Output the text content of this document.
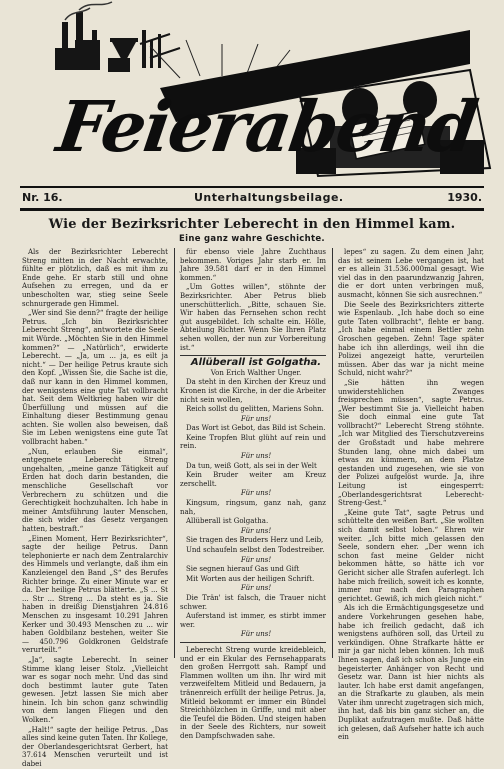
Feierabend
Nr. 16.	Unterhaltungsbeilage.	1930.
Wie der Bezirksrichter Leberecht in den Himmel kam.
Eine ganz wahre Geschichte.

Als der Bezirksrichter Leberecht Streng mitten in der Nacht erwachte, fühlte er plötzlich, daß es mit ihm zu Ende gehe. Er starb still und ohne Aufsehen zu erregen, und da er unbescholten war, stieg seine Seele schnurgerade gen Himmel.

„Wer sind Sie denn?“ fragte der heilige Petrus. „Ich bin Bezirksrichter Leberecht Streng“, antwortete die Seele mit Würde. „Möchten Sie in den Himmel kommen?“ — „Natürlich“, erwiderte Leberecht. — „Ja, um ... ja, es eilt ja nicht.“ — Der heilige Petrus kraute sich den Kopf. „Wissen Sie, die Sache ist die, daß nur kann in den Himmel kommen, der wenigstens eine gute Tat vollbracht hat. Seit dem Weltkrieg haben wir die Überfüllung und müssen auf die Einhaltung dieser Bestimmung genau achten. Sie wollen also beweisen, daß Sie im Leben wenigstens eine gute Tat vollbracht haben.“

„Nun, erlauben Sie einmal“, entgegnete Leberecht Streng ungehalten, „meine ganze Tätigkeit auf Erden hat doch darin bestanden, die menschliche Gesellschaft vor Verbrechern zu schützen und die Gerechtigkeit hochzuhalten. Ich habe in meiner Amtsführung lauter Menschen, die sich wider das Gesetz vergangen hatten, bestraft.“

„Einen Moment, Herr Bezirksrichter“, sagte der heilige Petrus. Dann telephonierte er nach dem Zentralarchiv des Himmels und verlangte, daß ihm ein Kanzleiengel den Band „S“ des Berufes Richter bringe. Zu einer Minute war er da. Der heilige Petrus blätterte. „S ... St ... Str ... Streng ... Da steht es ja. Sie haben in dreißig Dienstjahren 24.816 Menschen zu insgesamt 10.291 Jahren Kerker und 30.493 Menschen zu ... wir haben Goldbilanz bestehen, weiter Sie — 450.796 Goldkronen Geldstrafe verurteilt.“

„Ja“, sagte Leberecht. In seiner Stimme klang leiser Stolz. „Vielleicht war es sogar noch mehr. Und das sind doch bestimmt lauter gute Taten gewesen. Jetzt lassen Sie mich aber hinein. Ich bin schon ganz schwindlig von dem langen Fliegen und den Wolken.“

„Halt!“ sagte der heilige Petrus. „Das alles sind keine guten Taten. Ihr Kollege, der Oberlandesgerichtsrat Gerbert, hat 37.614 Menschen verurteilt und ist dabei

für ebenso viele Jahre Zuchthaus bekommen. Voriges Jahr starb er. Im Jahre 39.581 darf er in den Himmel kommen.“

„Um Gottes willen“, stöhnte der Bezirksrichter. Aber Petrus blieb unerschütterlich. „Bitte, schauen Sie. Wir haben das Fernsehen schon recht gut ausgebildet. Ich schalte ein. Hölle, Abteilung Richter. Wenn Sie Ihren Platz sehen wollen, der nun zur Vorbereitung ist.“

Allüberall ist Golgatha.

Von Erich Walther Unger.

Da steht in den Kirchen der Kreuz und Kronen ist die Kirche, in der die Arbeiter nicht sein wollen,

Reich sollst du gelitten, Mariens Sohn.

Für uns!

Das Wort ist Gebot, das Bild ist Schein.

Keine Tropfen Blut glüht auf rein und rein.

Für uns!

Da tun, weiß Gott, als sei in der Welt

Kein Bruder weiter am Kreuz zerschellt.

Für uns!

Kingsum, ringsum, ganz nah, ganz nah,

Allüberall ist Golgatha.

Für uns!

Sie tragen des Bruders Herz und Leib,

Und schaufeln selbst den Todestreiber.

Für uns!

Sie segnen hierauf Gas und Gift

Mit Worten aus der heiligen Schrift.

Für uns!

Die Trän' ist falsch, die Trauer nicht schwer.

Auferstand ist immer, es stirbt immer wer.

Für uns!

Leberecht Streng wurde kreidebleich, und er ein Ekular des Fernsehapparats den großen Herrgott sah. Rampf und Flammen wollten um ihn. Ihr wird mit verzweifeltem Mitleid und Bedauern, ja tränenreich erfüllt der heilige Petrus. Ja, Mitleid bekommt er immer ein Bündel Streichhölzchen in Griffe, und mit aber die Teufel die Böden. Und steigen haben in der Seele des Richters, nur soweit den Dampfschwaden sahe.

lepes“ zu sagen. Zu dem einen Jahr, das ist seinem Lebe vergangen ist, hat er es allein 31.536.000mal gesagt. Wie viel das in den paarundzwanzig Jahren, die er dort unten verbringen muß, ausmacht, können Sie sich ausrechnen.“

Die Seele des Bezirksrichters zitterte wie Espenlaub. „Ich habe doch so eine gute Taten vollbracht“, flehte er bang. „Ich habe einmal einem Bettler zehn Groschen gegeben. Zehn! Tage später habe ich ihn allerdings, weil ihn die Polizei angezeigt hatte, verurteilen müssen. Aber das war ja nicht meine Schuld, nicht wahr?“

„Sie hätten ihn wegen unwiderstehlichen Zwanges freisprechen müssen“, sagte Petrus. „Wer bestimmt Sie ja. Vielleicht haben Sie doch einmal eine gute Tat vollbracht?“ Leberecht Streng stöhnte. „Ich war Mitglied des Tierschutzvereins der Großstadt und habe mehrere Stunden lang, ohne mich dabei um etwas zu kümmern, an dem Platze gestanden und zugesehen, wie sie von der Polizei aufgelöst wurde. Ja, ihre Leitung ist eingesperrt: „Oberlandesgerichtsrat Leberecht-Streng-Gest.“

„Keine gute Tat“, sagte Petrus und schüttelte den weißen Bart. „Sie wollten sich damit selbst loben.“ Ehren wir weiter. „Ich bitte mich gelassen den Seele, sondern eher. „Der wenn ich schon fast meine Gelder nicht bekommen hätte, so hätte ich vor Gericht sicher alle Strafen auferlegt. Ich habe mich freilich, soweit ich es konnte, immer nur nach den Paragraphen gerichtet. Gewiß, ich mich gleich nicht.“

Als ich die Ermächtigungsgesetze und andere Vorkehrungen gesehen habe, habe ich freilich gedacht, daß ich wenigstens aufhören soll, das Urteil zu verkündigen. Ohne Strafkarte hätte er mir ja gar nicht leben können. Ich muß Ihnen sagen, daß ich schon als Junge ein begeisterter Anhänger von Recht und Gesetz war. Dann ist hier nichts als lauter. Ich habe erst damit angefangen, an die Strafkarte zu glauben, als mein Vater ihm unrecht zugetragen sich mich, ihn hat, daß bis bin ganz sicher an, die Duplikat aufzutragen mußte. Daß hätte ich gelesen, daß Aufseher hatte ich auch ein
